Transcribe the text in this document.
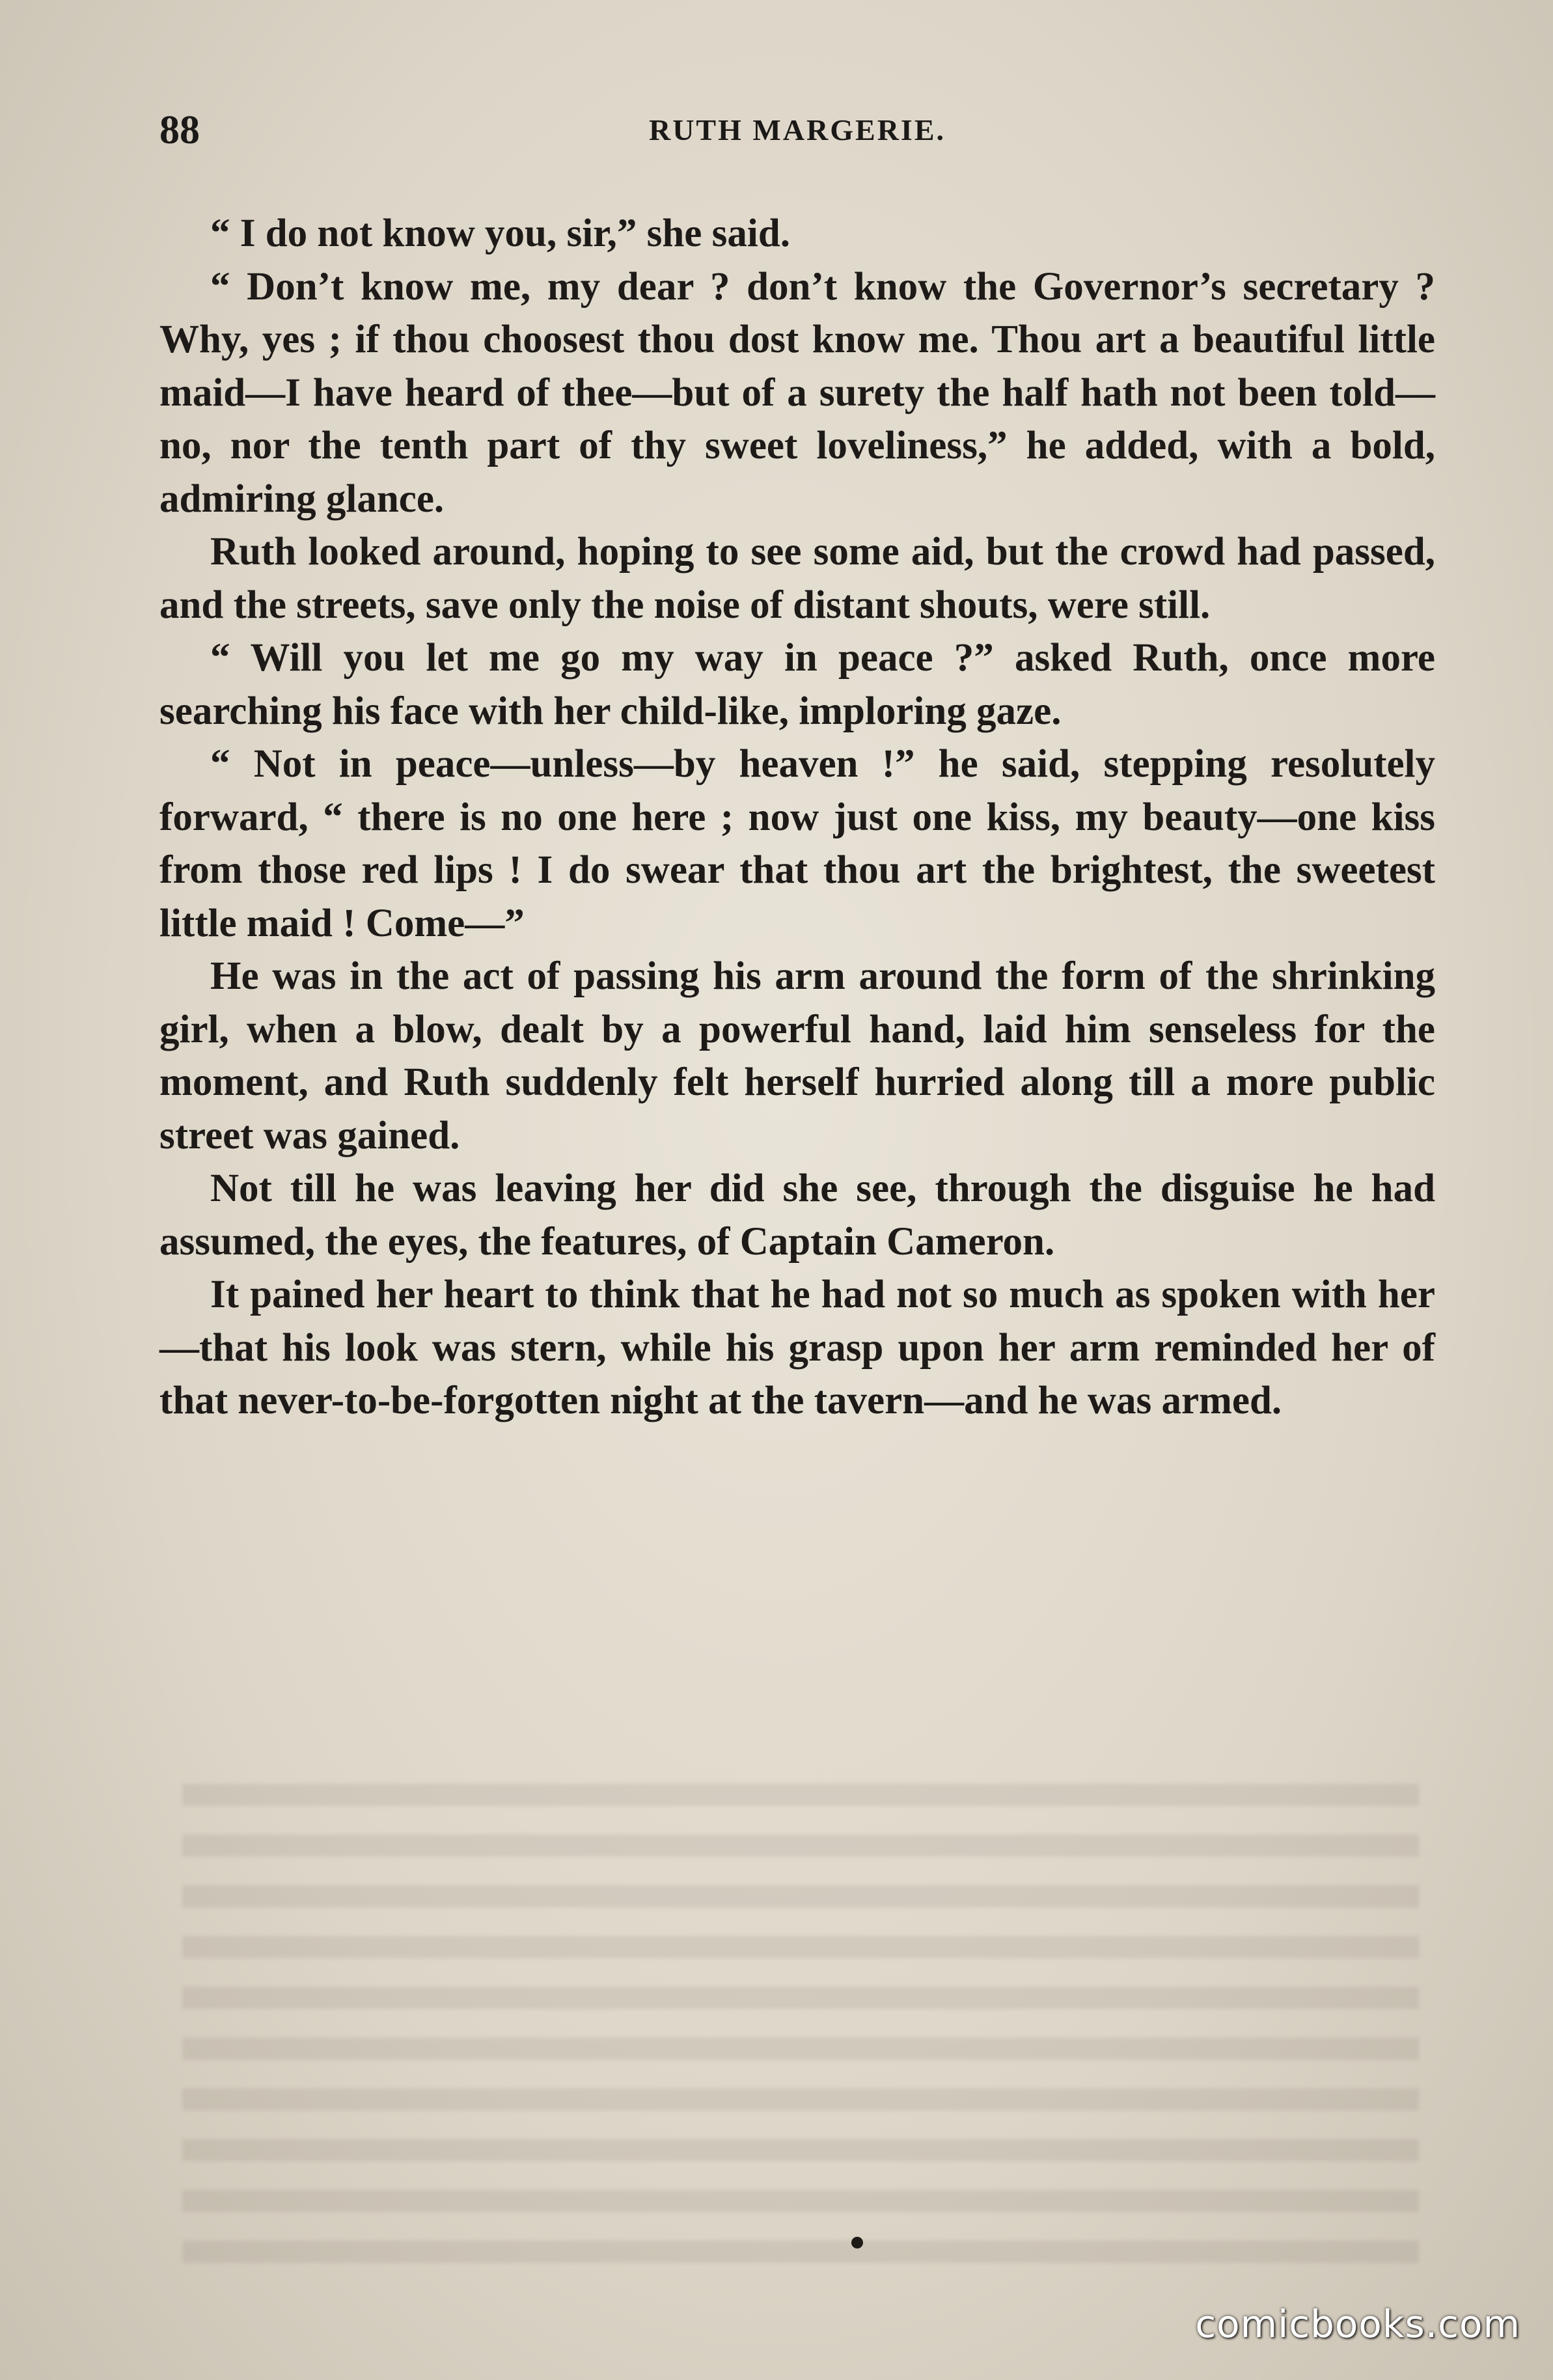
88	RUTH MARGERIE.

“ I do not know you, sir,” she said.

“ Don’t know me, my dear ? don’t know the Governor’s secretary ? Why, yes ; if thou choosest thou dost know me. Thou art a beautiful little maid—I have heard of thee—but of a surety the half hath not been told—no, nor the tenth part of thy sweet loveliness,” he added, with a bold, admiring glance.

Ruth looked around, hoping to see some aid, but the crowd had passed, and the streets, save only the noise of distant shouts, were still.

“ Will you let me go my way in peace ?” asked Ruth, once more searching his face with her child-like, imploring gaze.

“ Not in peace—unless—by heaven !” he said, stepping resolutely forward, “ there is no one here ; now just one kiss, my beauty—one kiss from those red lips ! I do swear that thou art the brightest, the sweetest little maid ! Come—”

He was in the act of passing his arm around the form of the shrinking girl, when a blow, dealt by a powerful hand, laid him senseless for the moment, and Ruth suddenly felt herself hurried along till a more public street was gained.

Not till he was leaving her did she see, through the disguise he had assumed, the eyes, the features, of Captain Cameron.

It pained her heart to think that he had not so much as spoken with her—that his look was stern, while his grasp upon her arm reminded her of that never-to-be-forgotten night at the tavern—and he was armed.

comicbooks.com
